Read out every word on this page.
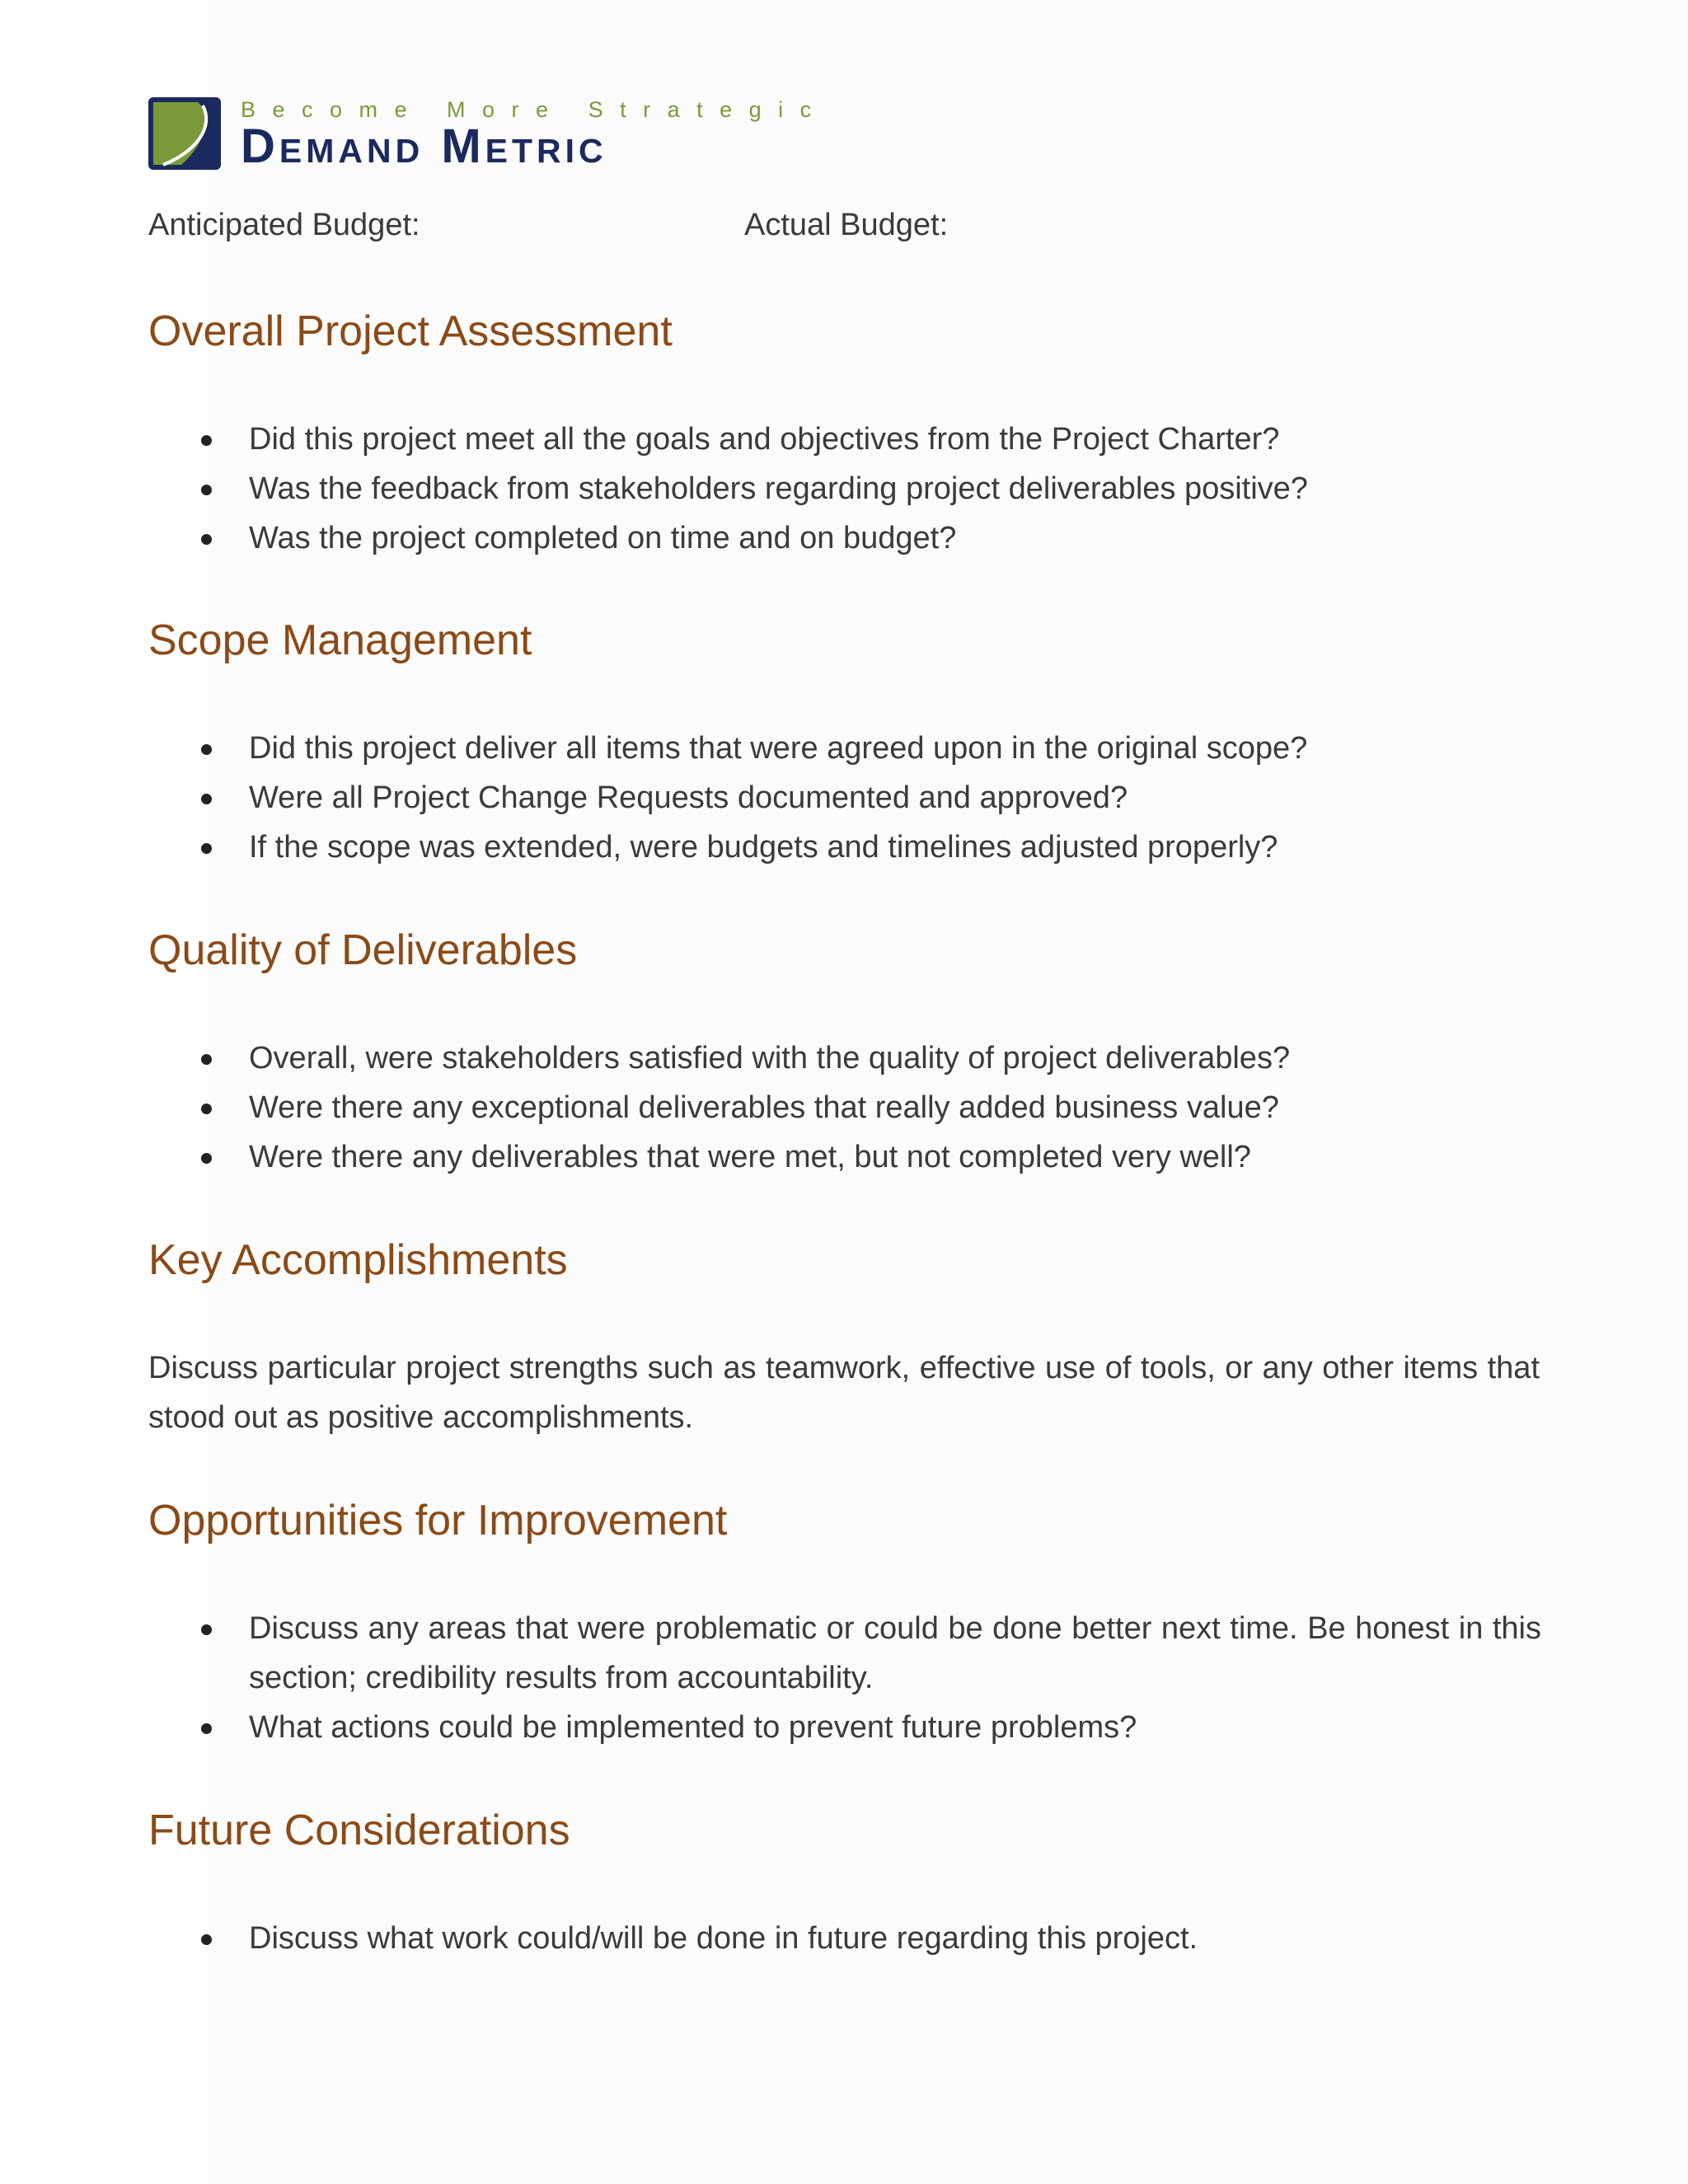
Become More Strategic
Demand Metric
Anticipated Budget:	Actual Budget:
Overall Project Assessment
Did this project meet all the goals and objectives from the Project Charter?
Was the feedback from stakeholders regarding project deliverables positive?
Was the project completed on time and on budget?
Scope Management
Did this project deliver all items that were agreed upon in the original scope?
Were all Project Change Requests documented and approved?
If the scope was extended, were budgets and timelines adjusted properly?
Quality of Deliverables
Overall, were stakeholders satisfied with the quality of project deliverables?
Were there any exceptional deliverables that really added business value?
Were there any deliverables that were met, but not completed very well?
Key Accomplishments

Discuss particular project strengths such as teamwork, effective use of tools, or any other items that stood out as positive accomplishments.

Opportunities for Improvement
Discuss any areas that were problematic or could be done better next time. Be honest in this section; credibility results from accountability.
What actions could be implemented to prevent future problems?
Future Considerations
Discuss what work could/will be done in future regarding this project.
